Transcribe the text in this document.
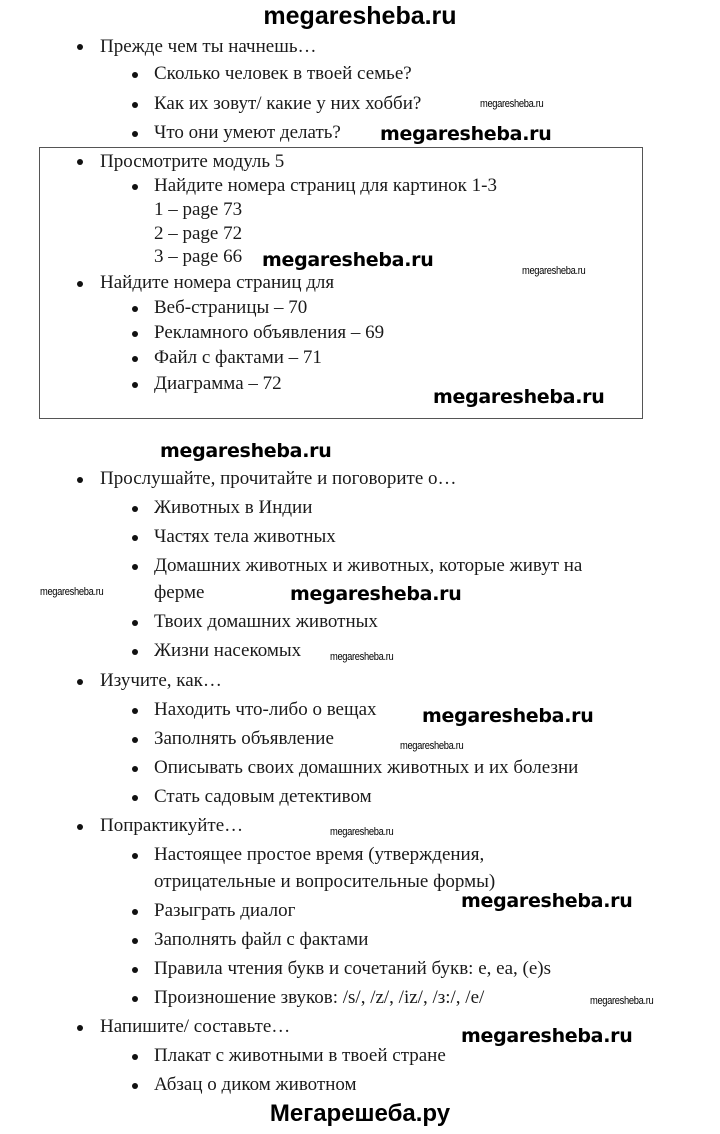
megaresheba.ru
Прежде чем ты начнешь…
Сколько человек в твоей семье?
Как их зовут/ какие у них хобби?
Что они умеют делать?
megaresheba.ru
megaresheba.ru
Просмотрите модуль 5
Найдите номера страниц для картинок 1-3
1 – page 73
2 – page 72
3 – page 66 megaresheba.ru	megaresheba.ru
Найдите номера страниц для
Веб-страницы – 70
Рекламного объявления – 69
Файл с фактами – 71
Диаграмма – 72
megaresheba.ru
megaresheba.ru
Прослушайте, прочитайте и поговорите о…
Животных в Индии
Частях тела животных
Домашних животных и животных, которые живут на
megaresheba.ru	megaresheba.ru
ферме
Твоих домашних животных
Жизни насекомых	megaresheba.ru
Изучите, как…
Находить что-либо о вещах megaresheba.ru
Заполнять объявление	megaresheba.ru
Описывать своих домашних животных и их болезни
Стать садовым детективом
Попрактикуйте…	megaresheba.ru
Настоящее простое время (утверждения,
отрицательные и вопросительные формы)
Разыграть диалог	megaresheba.ru
Заполнять файл с фактами
Правила чтения букв и сочетаний букв: e, ea, (e)s
megaresheba.ru
Произношение звуков: /s/, /z/, /iz/, /з:/, /e/
Напишите/ составьте…	megaresheba.ru
Плакат с животными в твоей стране
Абзац о диком животном
Мегарешеба.ру
